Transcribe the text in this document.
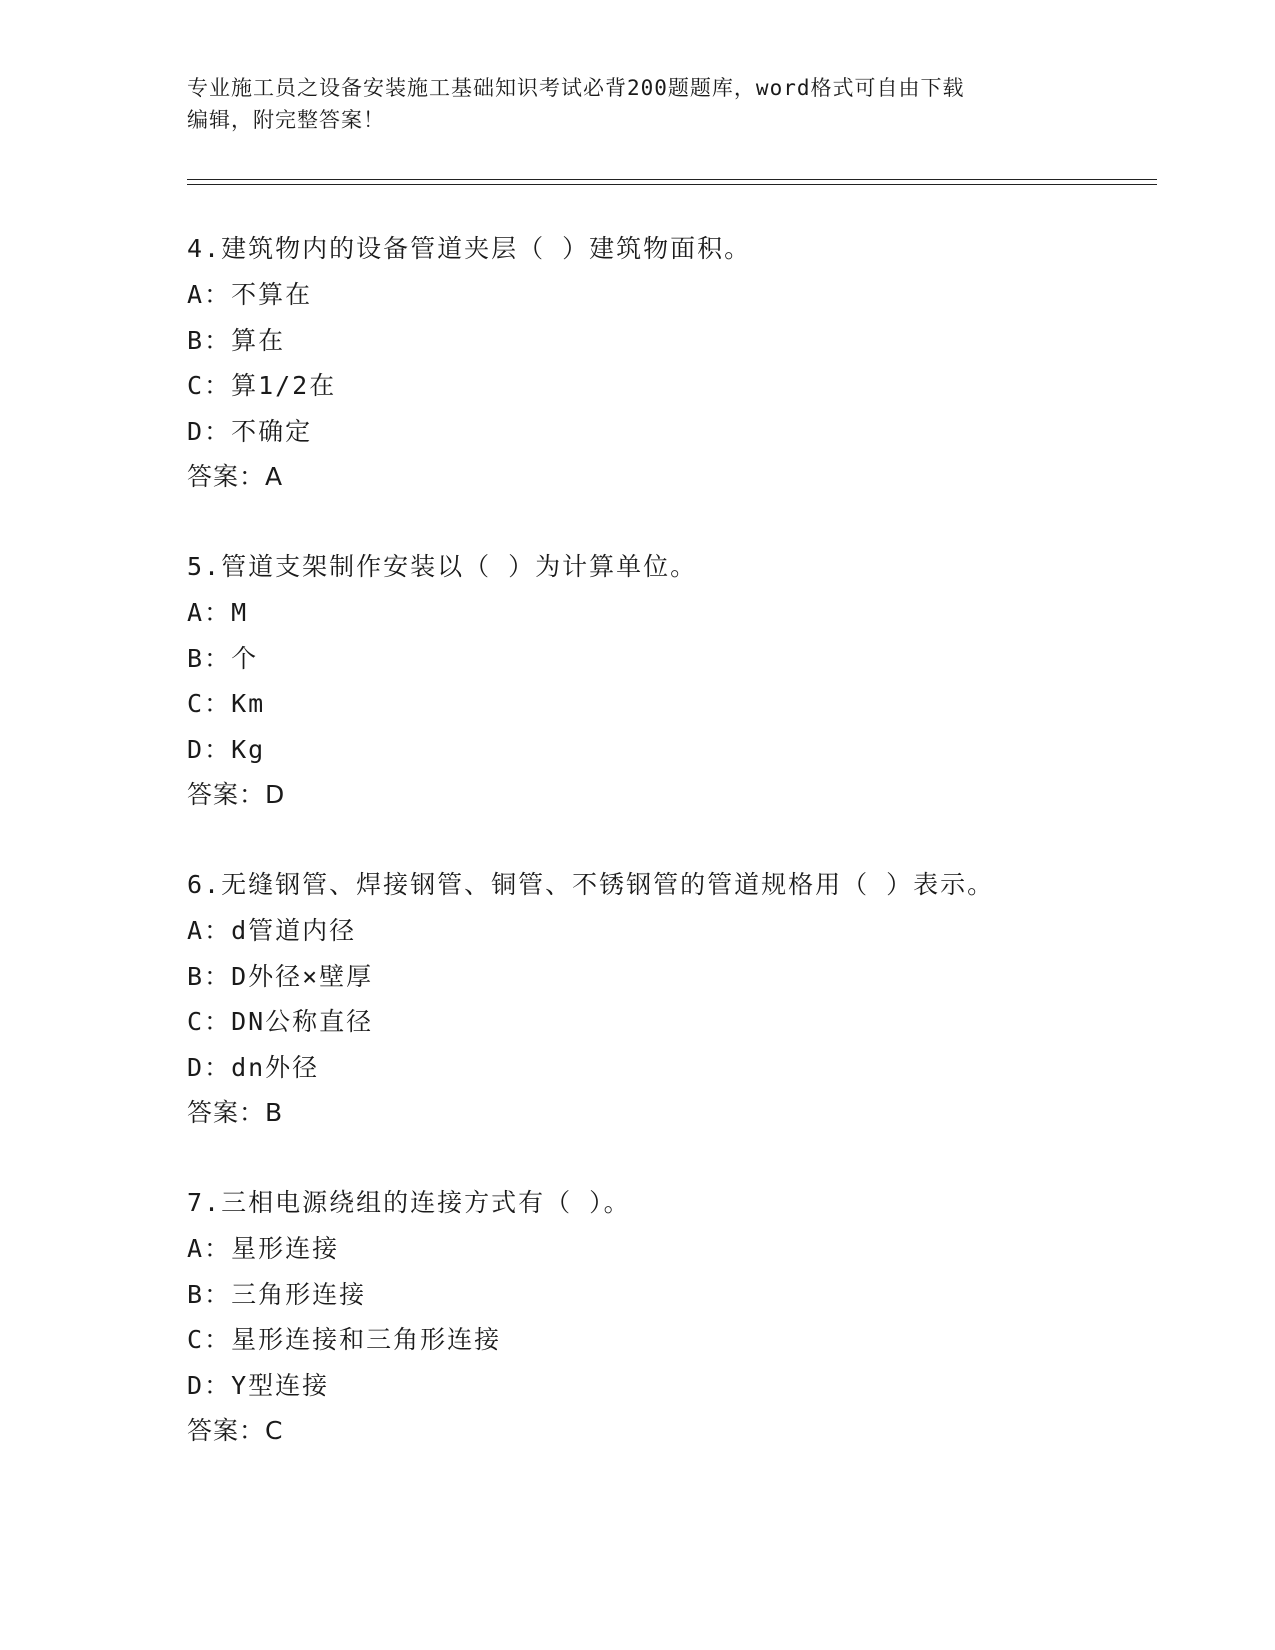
专业施工员之设备安装施工基础知识考试必背200题题库，word格式可自由下载
编辑，附完整答案！
4.建筑物内的设备管道夹层（ ）建筑物面积。
A：不算在
B：算在
C：算1/2在
D：不确定
答案：A
5.管道支架制作安装以（ ）为计算单位。
A：M
B：个
C：Km
D：Kg
答案：D
6.无缝钢管、焊接钢管、铜管、不锈钢管的管道规格用（ ）表示。
A：d管道内径
B：D外径×壁厚
C：DN公称直径
D：dn外径
答案：B
7.三相电源绕组的连接方式有（ ）。
A：星形连接
B：三角形连接
C：星形连接和三角形连接
D：Y型连接
答案：C
